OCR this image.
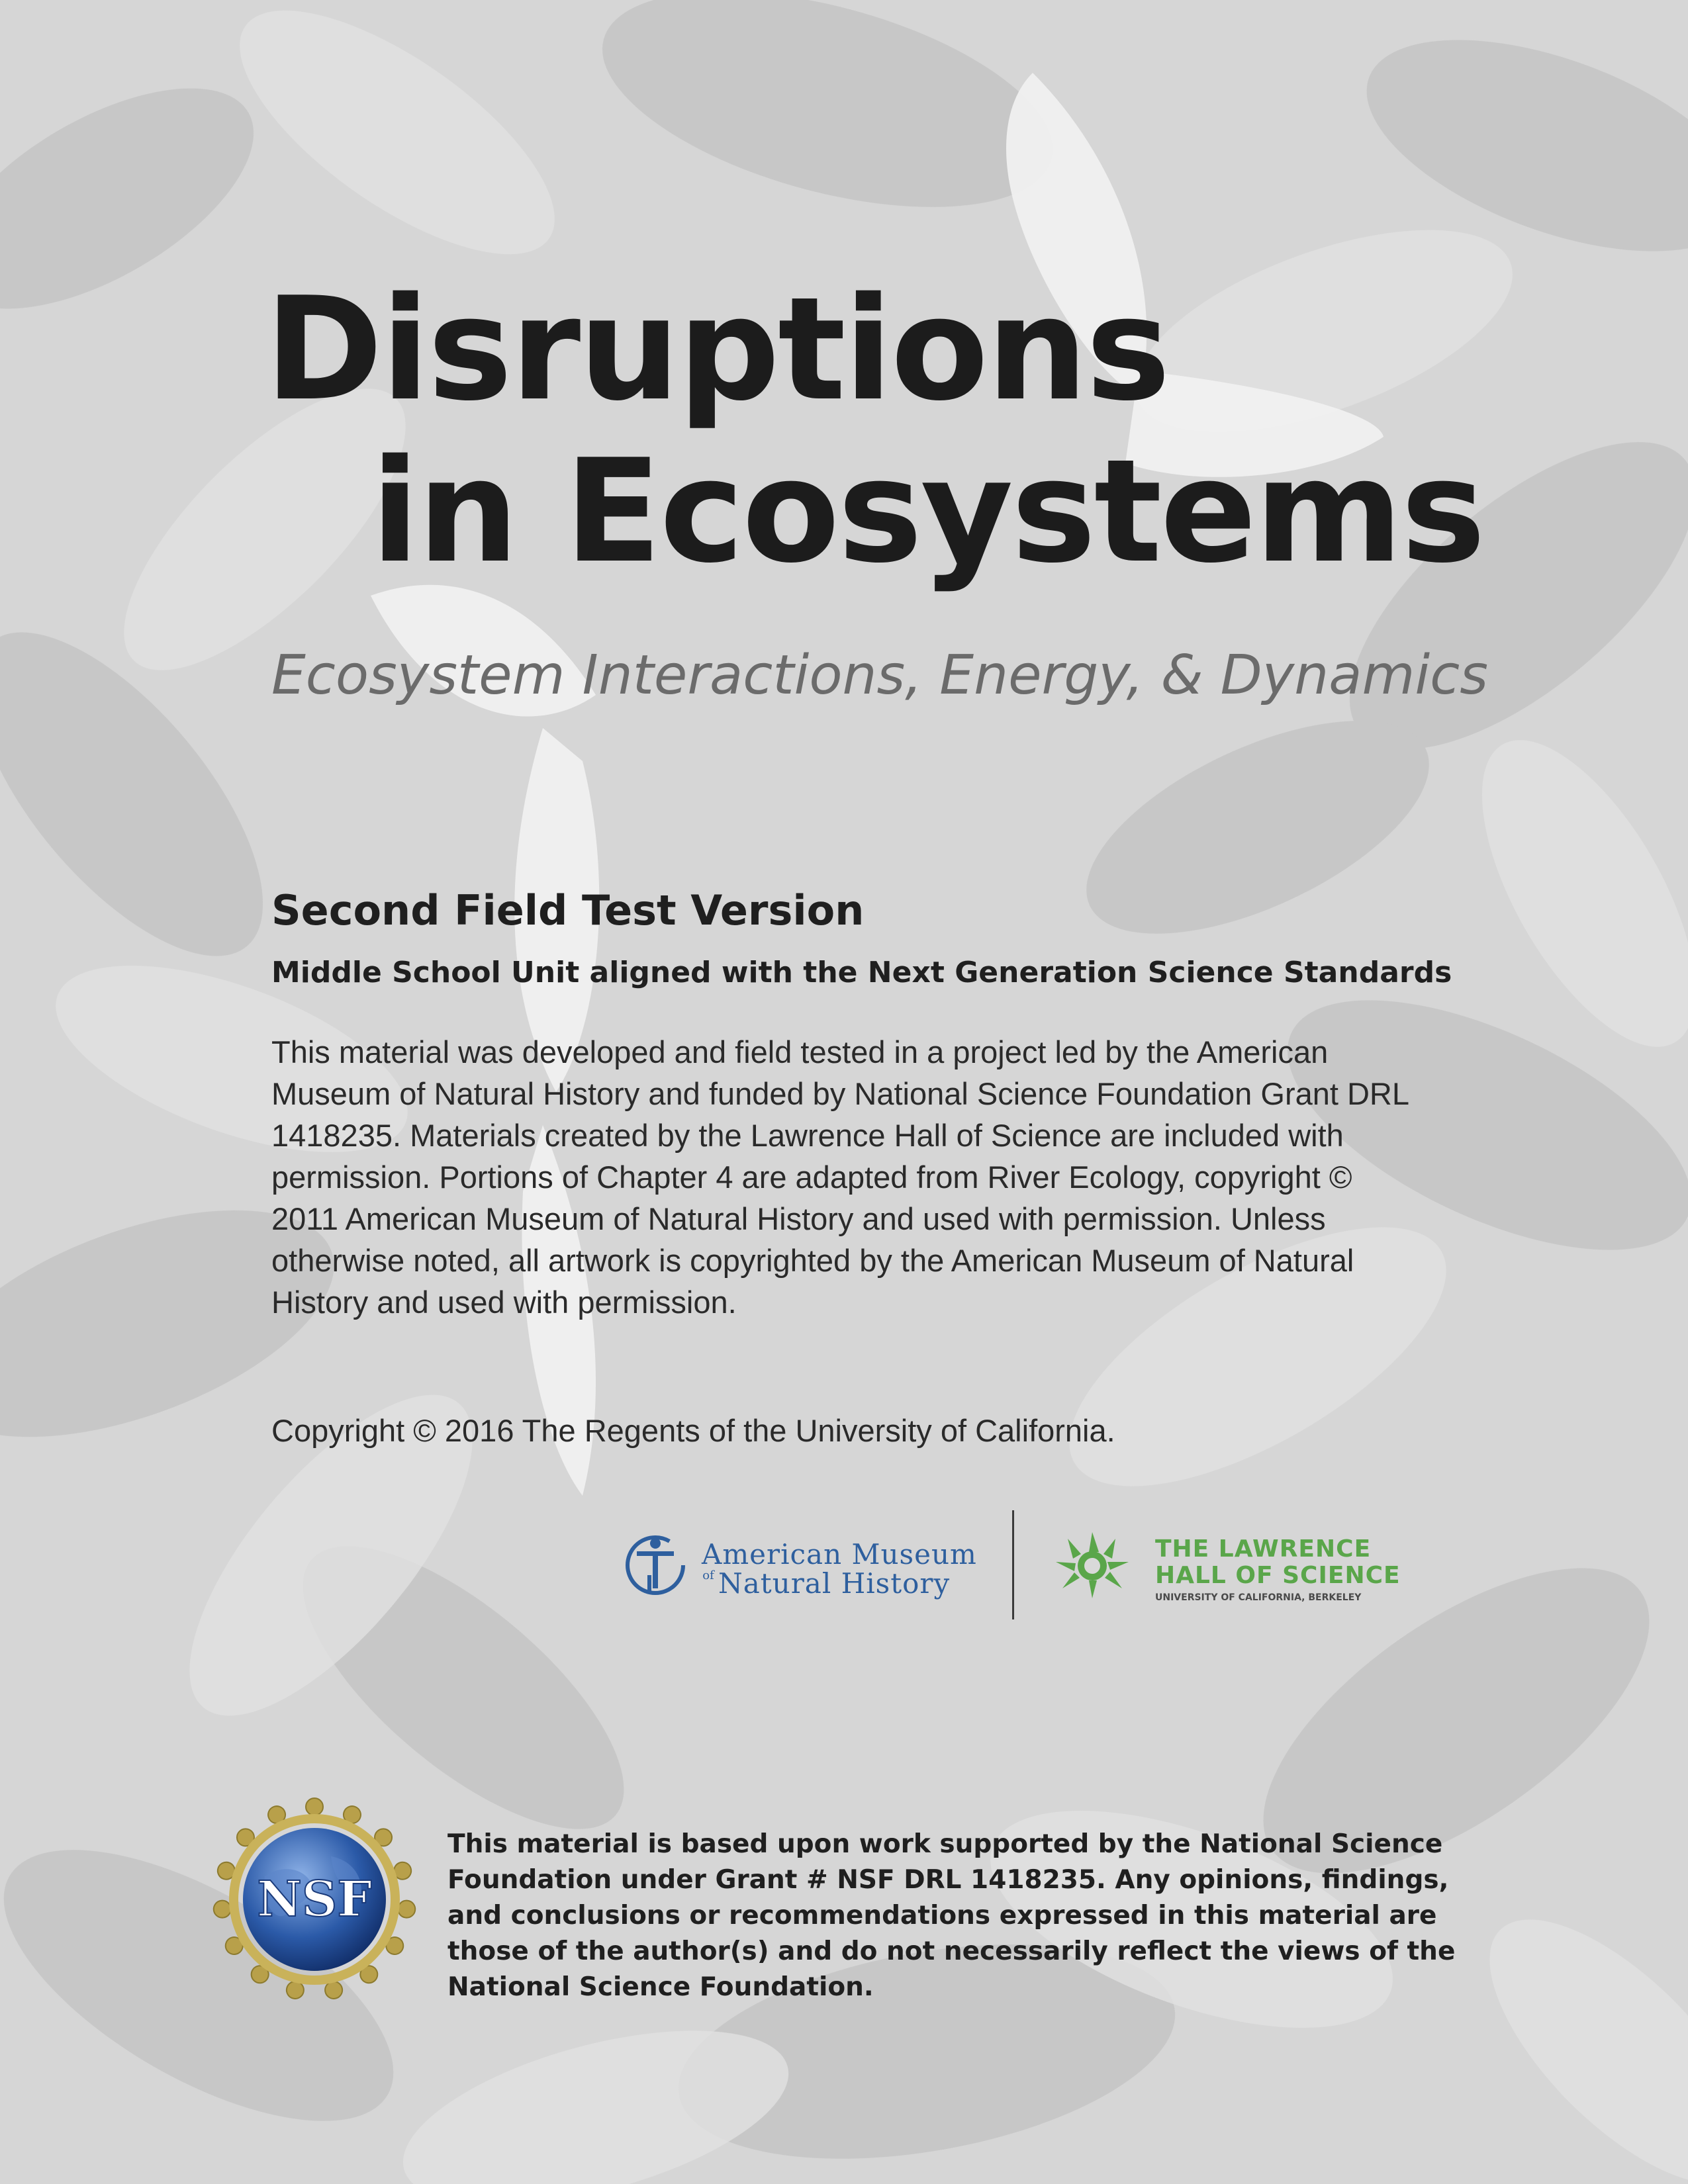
Disruptions
in Ecosystems

Ecosystem Interactions, Energy, & Dynamics

Second Field Test Version

Middle School Unit aligned with the Next Generation Science Standards

This material was developed and field tested in a project led by the American Museum of Natural History and funded by National Science Foundation Grant DRL 1418235. Materials created by the Lawrence Hall of Science are included with permission. Portions of Chapter 4 are adapted from River Ecology, copyright © 2011 American Museum of Natural History and used with permission. Unless otherwise noted, all artwork is copyrighted by the American Museum of Natural History and used with permission.

Copyright © 2016 The Regents of the University of California.

American Museum
of Natural History
THE LAWRENCE
HALL OF SCIENCE
UNIVERSITY OF CALIFORNIA, BERKELEY
NSF

This material is based upon work supported by the National Science Foundation under Grant # NSF DRL 1418235. Any opinions, findings, and conclusions or recommendations expressed in this material are those of the author(s) and do not necessarily reflect the views of the National Science Foundation.
